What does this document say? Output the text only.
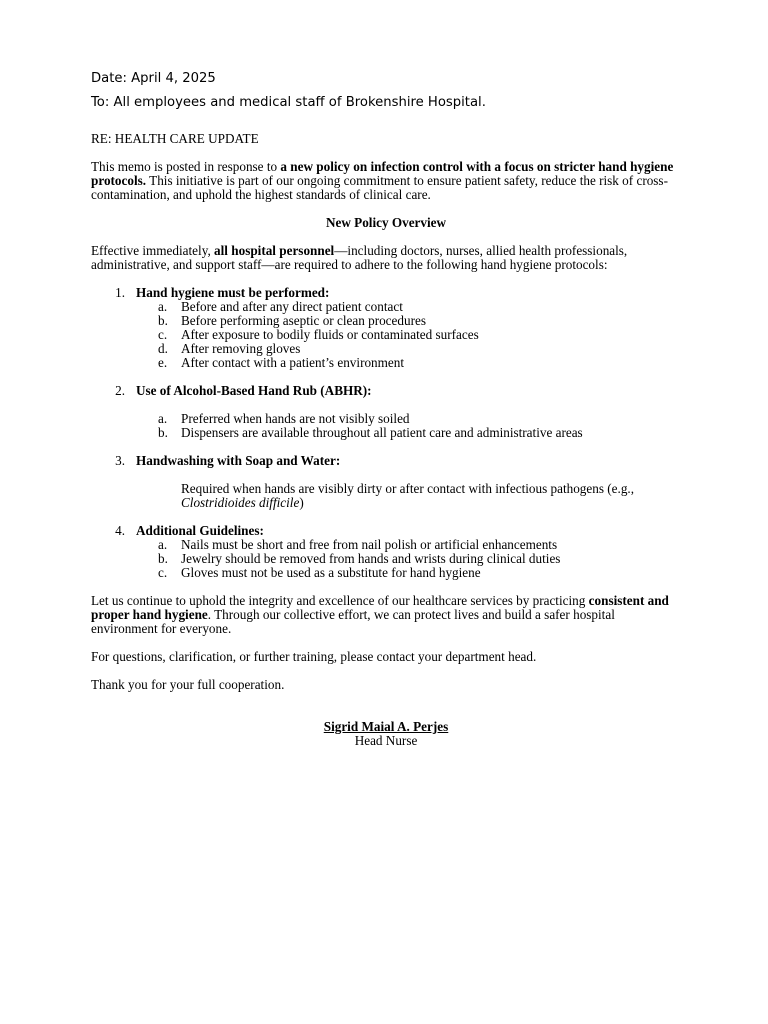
Date: April 4, 2025
To: All employees and medical staff of Brokenshire Hospital.
RE: HEALTH CARE UPDATE

This memo is posted in response to a new policy on infection control with a focus on stricter hand hygiene protocols. This initiative is part of our ongoing commitment to ensure patient safety, reduce the risk of cross-contamination, and uphold the highest standards of clinical care.

New Policy Overview

Effective immediately, all hospital personnel—including doctors, nurses, allied health professionals, administrative, and support staff—are required to adhere to the following hand hygiene protocols:

1. Hand hygiene must be performed:
a. Before and after any direct patient contact
b. Before performing aseptic or clean procedures
c. After exposure to bodily fluids or contaminated surfaces
d. After removing gloves
e. After contact with a patient’s environment
2. Use of Alcohol-Based Hand Rub (ABHR):
a. Preferred when hands are not visibly soiled
b. Dispensers are available throughout all patient care and administrative areas
3. Handwashing with Soap and Water:
Required when hands are visibly dirty or after contact with infectious pathogens (e.g., Clostridioides difficile)
4. Additional Guidelines:
a. Nails must be short and free from nail polish or artificial enhancements
b. Jewelry should be removed from hands and wrists during clinical duties
c. Gloves must not be used as a substitute for hand hygiene

Let us continue to uphold the integrity and excellence of our healthcare services by practicing consistent and proper hand hygiene. Through our collective effort, we can protect lives and build a safer hospital environment for everyone.

For questions, clarification, or further training, please contact your department head.

Thank you for your full cooperation.

Sigrid Maial A. Perjes
Head Nurse
